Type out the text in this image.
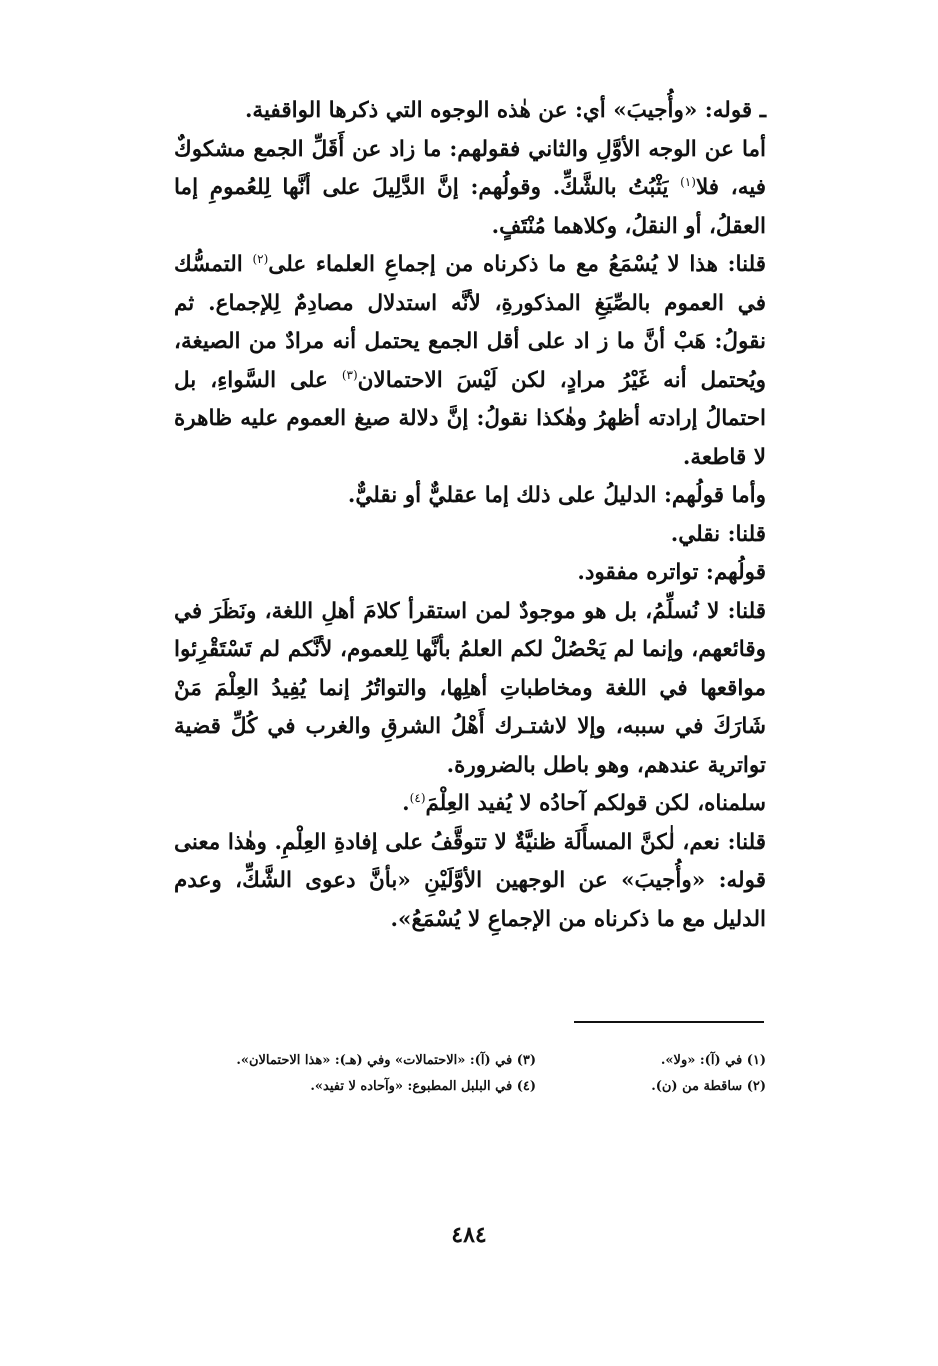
ـ قوله: «وأُجيبَ» أي: عن هٰذه الوجوه التي ذكرها الواقفية.

أما عن الوجه الأوَّلِ والثاني فقولهم: ما زاد عن أَقَلِّ الجمع مشكوكٌ فيه، فلا$^{(١)}$ يَثْبُتُ بالشَّكِّ. وقولُهم: إنَّ الدَّلِيلَ على أنَّها لِلعُمومِ إما العقلُ، أو النقلُ، وكلاهما مُنْتَفٍ.

قلنا: هذا لا يُسْمَعُ مع ما ذكرناه من إجماعِ العلماء على$^{(٢)}$ التمسُّك في العموم بالصِّيَغِ المذكورةِ، لأنَّه استدلال مصادِمٌ لِلإجماع. ثم نقولُ: هَبْ أنَّ ما ز اد على أقل الجمع يحتمل أنه مرادٌ من الصيغة، ويُحتمل أنه غَيْرُ مرادٍ، لكن لَيْسَ الاحتمالان$^{(٣)}$ على السَّواءِ، بل احتمالُ إرادته أظهرُ وهٰكذا نقولُ: إنَّ دلالة صيغ العموم عليه ظاهرة لا قاطعة.

وأما قولُهم: الدليلُ على ذلك إما عقليٌّ أو نقليٌّ.

قلنا: نقلي.

قولُهم: تواتره مفقود.

قلنا: لا نُسلِّمُ، بل هو موجودٌ لمن استقرأ كلامَ أهلِ اللغة، ونَظَرَ في وقائعهم، وإنما لم يَحْصُلْ لكم العلمُ بأنَّها لِلعموم، لأنَّكم لم تَسْتَقْرِئوا مواقعها في اللغة ومخاطباتِ أهلِها، والتواتُرُ إنما يُفِيدُ العِلْمَ مَنْ شَارَكَ في سببه، وإلا لاشتـرك أَهْلُ الشرقِ والغرب في كُلِّ قضية تواترية عندهم، وهو باطل بالضرورة.

سلمناه، لكن قولكم آحادُه لا يُفيد العِلْمَ$^{(٤)}$.

قلنا: نعم، لٰكنَّ المسأَلَة ظنيَّةٌ لا تتوقَّفُ على إفادةِ العِلْمِ. وهٰذا معنى قوله: «وأُجيبَ» عن الوجهين الأوَّلَيْنِ «بأنَّ دعوى الشَّكِّ، وعدم الدليل مع ما ذكرناه من الإجماعِ لا يُسْمَعُ».

(١) في (آ): «ولا».

(٢) ساقطة من (ن).

(٣) في (آ): «الاحتمالات» وفي (هـ): «هذا الاحتمالان».

(٤) في البلبل المطبوع: «وآحاده لا تفيد».

٤٨٤
